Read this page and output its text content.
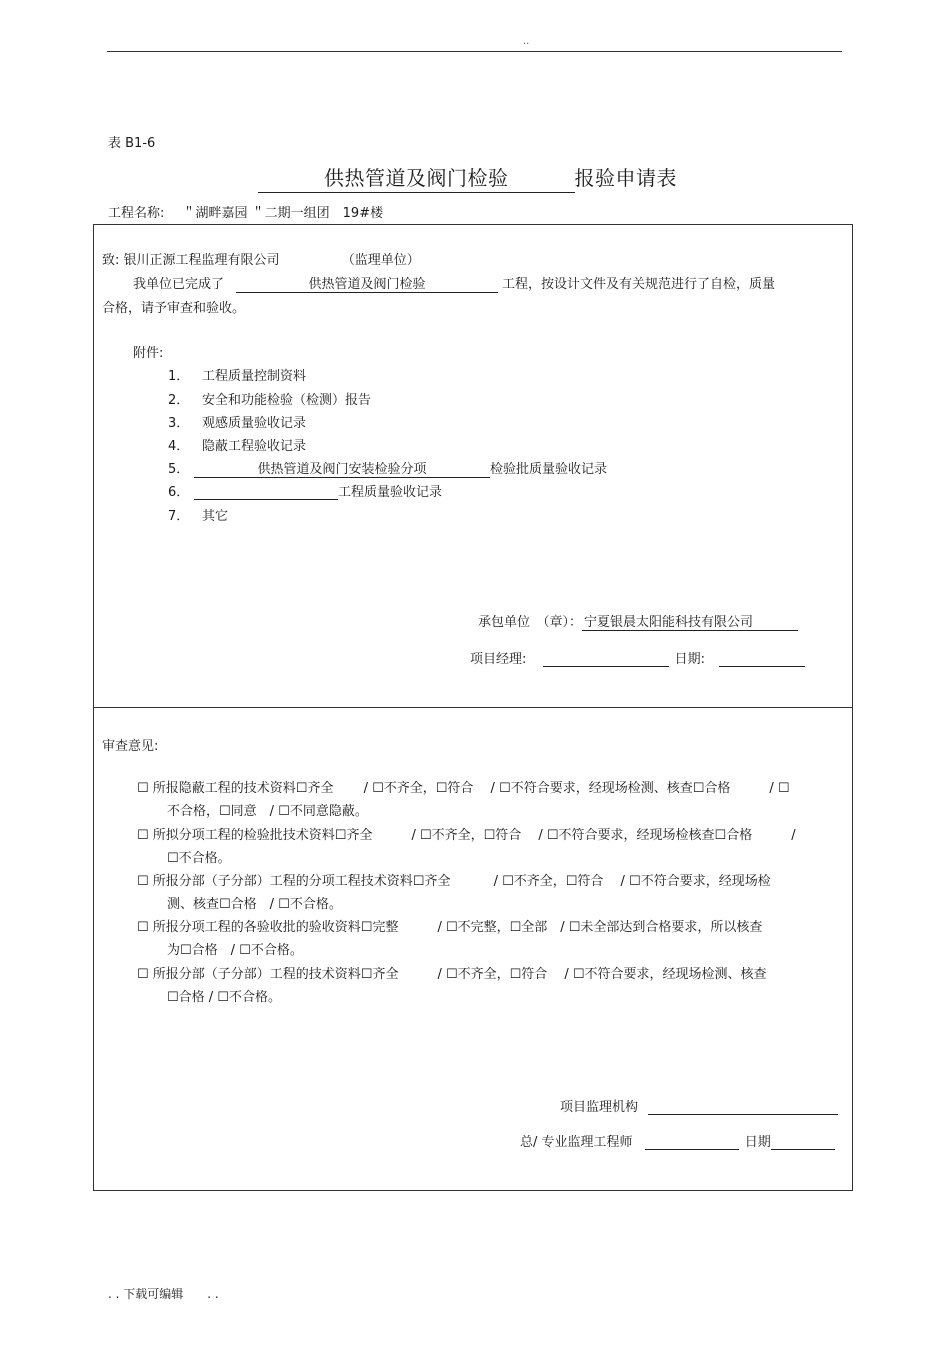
..
表 B1-6
供热管道及阀门检验	报验申请表
工程名称: ＂湖畔嘉园 ＂二期一组团　19#楼
致: 银川正源工程监理有限公司	（监理单位）
我单位已完成了	供热管道及阀门检验	工程，按设计文件及有关规范进行了自检，质量
合格，请予审查和验收。
附件:
1． 工程质量控制资料
2． 安全和功能检验（检测）报告
3． 观感质量验收记录
4． 隐蔽工程验收记录
5．	供热管道及阀门安装检验分项	检验批质量验收记录
6．	工程质量验收记录
7． 其它
承包单位　（章）： 宁夏银晨太阳能科技有限公司
项目经理:	日期:
审查意见:
☐ 所报隐蔽工程的技术资料☐齐全　　 / ☐不齐全，☐符合　 / ☐不符合要求，经现场检测、核查☐合格　　　/ ☐
不合格，☐同意　/ ☐不同意隐蔽。
☐ 所拟分项工程的检验批技术资料☐齐全　　　/ ☐不齐全，☐符合　 / ☐不符合要求，经现场检核查☐合格　　　/
☐不合格。
☐ 所报分部（子分部）工程的分项工程技术资料☐齐全　　　 / ☐不齐全，☐符合　 / ☐不符合要求，经现场检
测、核查☐合格　/ ☐不合格。
☐ 所报分项工程的各验收批的验收资料☐完整　　　/ ☐不完整，☐全部　/ ☐未全部达到合格要求，所以核查
为☐合格　/ ☐不合格。
☐ 所报分部（子分部）工程的技术资料☐齐全　　　/ ☐不齐全，☐符合　 / ☐不符合要求，经现场检测、核查
☐合格 / ☐不合格。
项目监理机构
总/ 专业监理工程师	日期
. . 下载可编辑　　. .
